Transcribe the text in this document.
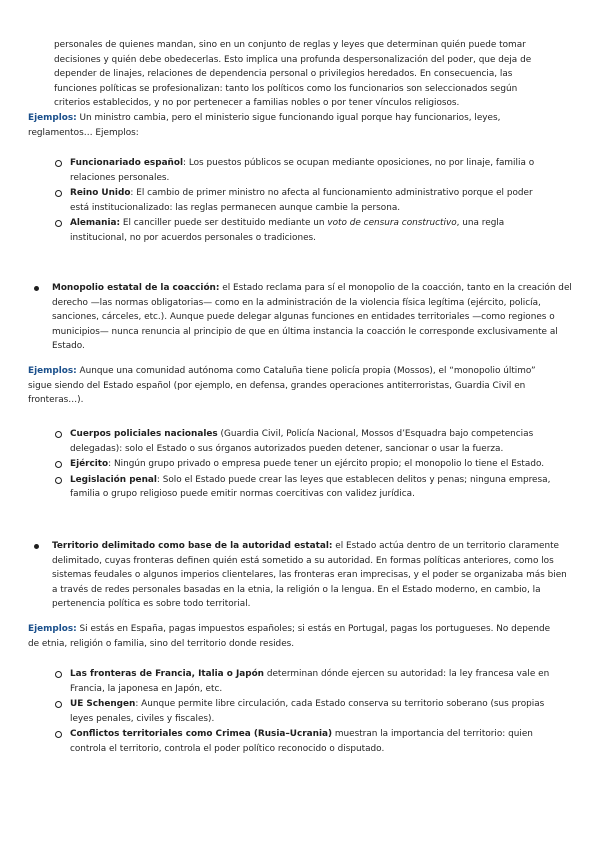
personales de quienes mandan, sino en un conjunto de reglas y leyes que determinan quién puede tomar decisiones y quién debe obedecerlas. Esto implica una profunda despersonalización del poder, que deja de depender de linajes, relaciones de dependencia personal o privilegios heredados. En consecuencia, las funciones políticas se profesionalizan: tanto los políticos como los funcionarios son seleccionados según criterios establecidos, y no por pertenecer a familias nobles o por tener vínculos religiosos.

Ejemplos: Un ministro cambia, pero el ministerio sigue funcionando igual porque hay funcionarios, leyes, reglamentos… Ejemplos:

Funcionariado español: Los puestos públicos se ocupan mediante oposiciones, no por linaje, familia o relaciones personales.
Reino Unido: El cambio de primer ministro no afecta al funcionamiento administrativo porque el poder está institucionalizado: las reglas permanecen aunque cambie la persona.
Alemania: El canciller puede ser destituido mediante un voto de censura constructivo, una regla institucional, no por acuerdos personales o tradiciones.

Monopolio estatal de la coacción: el Estado reclama para sí el monopolio de la coacción, tanto en la creación del derecho —las normas obligatorias— como en la administración de la violencia física legítima (ejército, policía, sanciones, cárceles, etc.). Aunque puede delegar algunas funciones en entidades territoriales —como regiones o municipios— nunca renuncia al principio de que en última instancia la coacción le corresponde exclusivamente al Estado.

Ejemplos: Aunque una comunidad autónoma como Cataluña tiene policía propia (Mossos), el “monopolio último” sigue siendo del Estado español (por ejemplo, en defensa, grandes operaciones antiterroristas, Guardia Civil en fronteras…).

Cuerpos policiales nacionales (Guardia Civil, Policía Nacional, Mossos d’Esquadra bajo competencias delegadas): solo el Estado o sus órganos autorizados pueden detener, sancionar o usar la fuerza.
Ejército: Ningún grupo privado o empresa puede tener un ejército propio; el monopolio lo tiene el Estado.
Legislación penal: Solo el Estado puede crear las leyes que establecen delitos y penas; ninguna empresa, familia o grupo religioso puede emitir normas coercitivas con validez jurídica.

Territorio delimitado como base de la autoridad estatal: el Estado actúa dentro de un territorio claramente delimitado, cuyas fronteras definen quién está sometido a su autoridad. En formas políticas anteriores, como los sistemas feudales o algunos imperios clientelares, las fronteras eran imprecisas, y el poder se organizaba más bien a través de redes personales basadas en la etnia, la religión o la lengua. En el Estado moderno, en cambio, la pertenencia política es sobre todo territorial.

Ejemplos: Si estás en España, pagas impuestos españoles; si estás en Portugal, pagas los portugueses. No depende de etnia, religión o familia, sino del territorio donde resides.

Las fronteras de Francia, Italia o Japón determinan dónde ejercen su autoridad: la ley francesa vale en Francia, la japonesa en Japón, etc.
UE Schengen: Aunque permite libre circulación, cada Estado conserva su territorio soberano (sus propias leyes penales, civiles y fiscales).
Conflictos territoriales como Crimea (Rusia–Ucrania) muestran la importancia del territorio: quien controla el territorio, controla el poder político reconocido o disputado.
